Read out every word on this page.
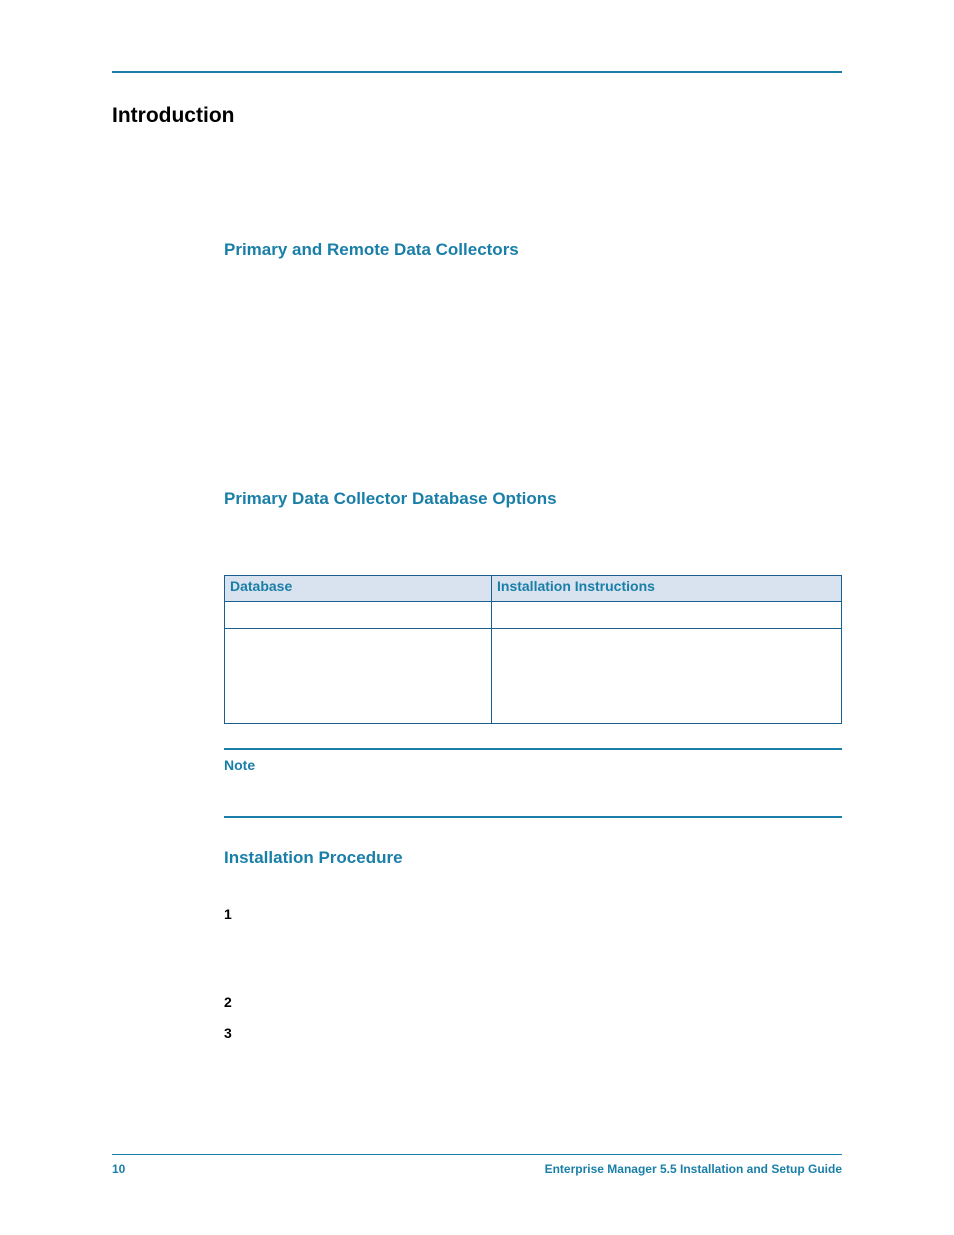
Introduction
Primary and Remote Data Collectors
Primary Data Collector Database Options
Database	Installation Instructions

Note
Installation Procedure
1
2
3
10	Enterprise Manager 5.5 Installation and Setup Guide
